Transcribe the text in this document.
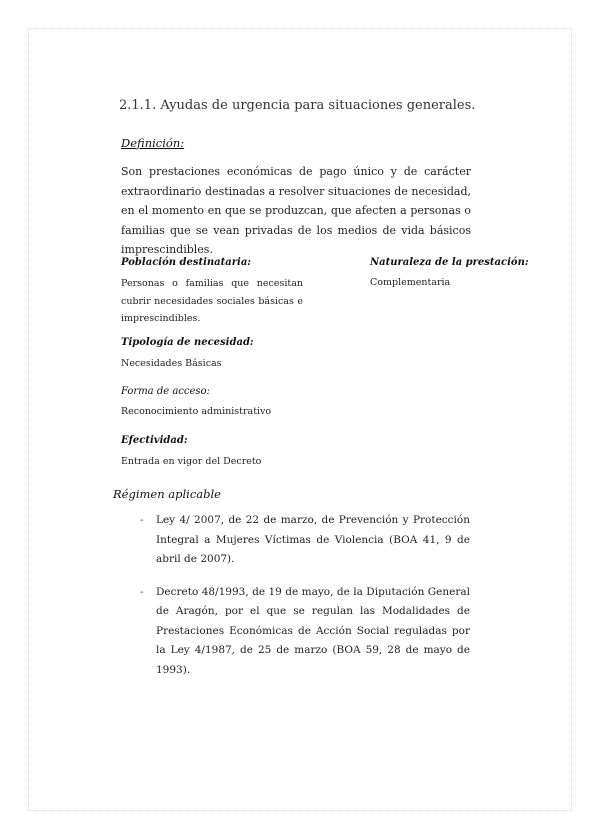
2.1.1. Ayudas de urgencia para situaciones generales.
Definición:
Son prestaciones económicas de pago único y de carácter extraordinario destinadas a resolver situaciones de necesidad, en el momento en que se produzcan, que afecten a personas o familias que se vean privadas de los medios de vida básicos imprescindibles.
Población destinataria:
Personas o familias que necesitan cubrir necesidades sociales básicas e imprescindibles.
Naturaleza de la prestación:
Complementaria
Tipología de necesidad:
Necesidades Básicas
Forma de acceso:
Reconocimiento administrativo
Efectividad:
Entrada en vigor del Decreto
Régimen aplicable
- Ley 4/ 2007, de 22 de marzo, de Prevención y Protección Integral a Mujeres Víctimas de Violencia (BOA 41, 9 de abril de 2007).
- Decreto 48/1993, de 19 de mayo, de la Diputación General de Aragón, por el que se regulan las Modalidades de Prestaciones Económicas de Acción Social reguladas por la Ley 4/1987, de 25 de marzo (BOA 59, 28 de mayo de 1993).
